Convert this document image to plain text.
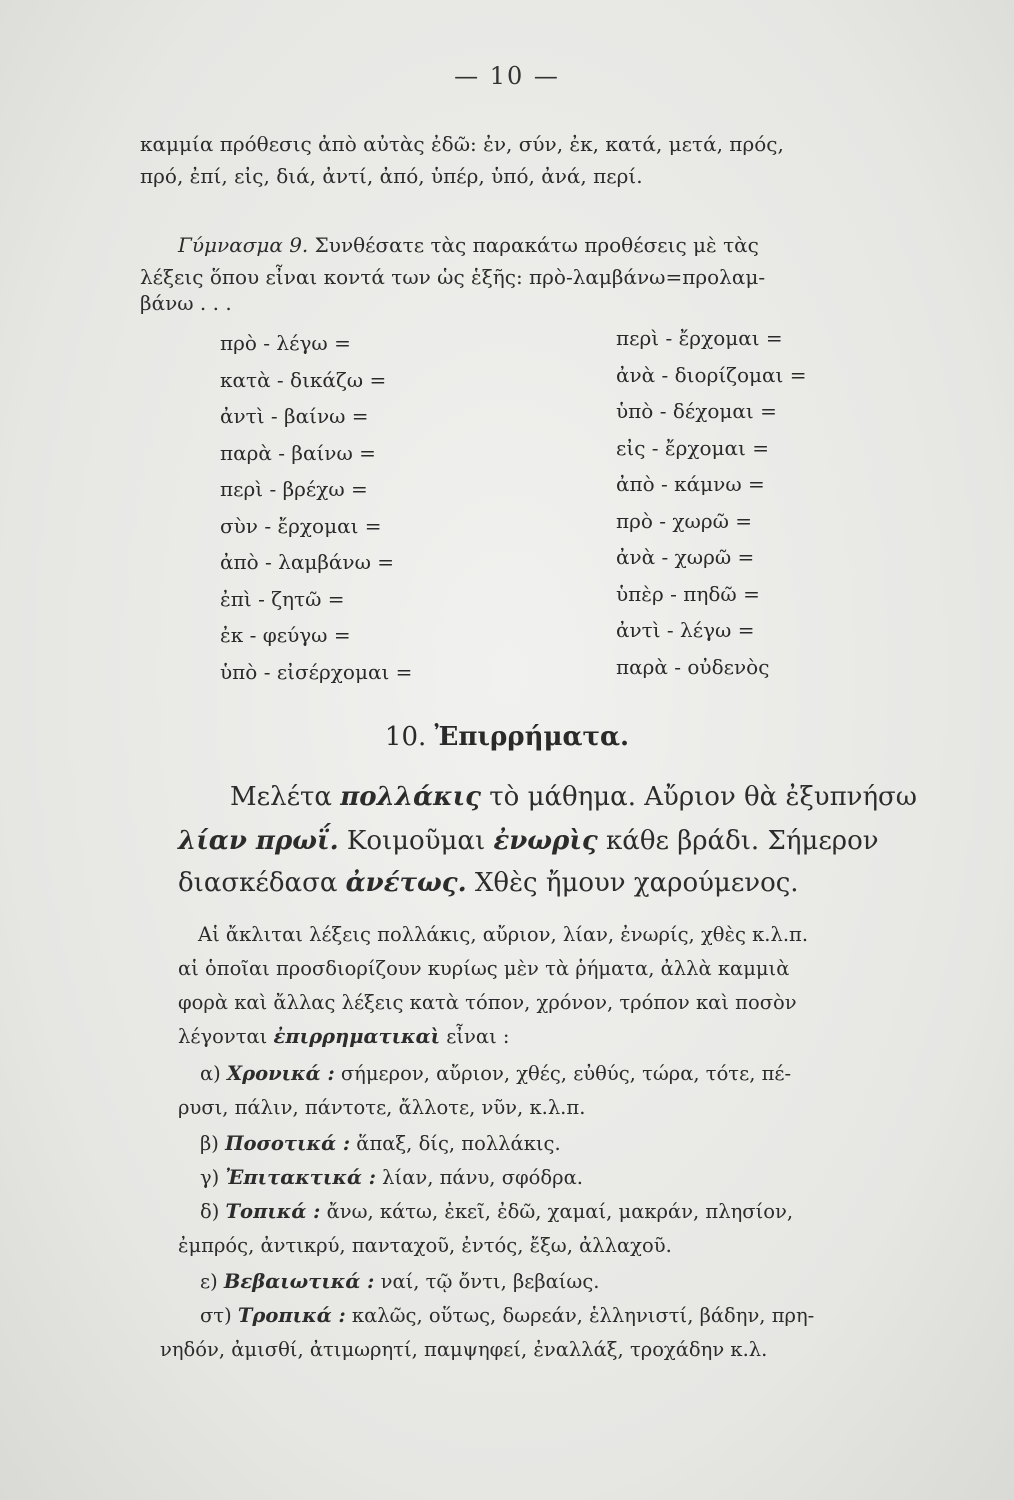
— 10 —
καμμία πρόθεσις ἀπὸ αὐτὰς ἐδῶ: ἐν, σύν, ἐκ, κατά, μετά, πρός,
πρό, ἐπί, εἰς, διά, ἀντί, ἀπό, ὑπέρ, ὑπό, ἀνά, περί.
Γύμνασμα 9. Συνθέσατε τὰς παρακάτω προθέσεις μὲ τὰς
λέξεις ὅπου εἶναι κοντά των ὡς ἑξῆς: πρὸ-λαμβάνω=προλαμ-
βάνω . . .
πρὸ - λέγω =
κατὰ - δικάζω =
ἀντὶ - βαίνω =
παρὰ - βαίνω =
περὶ - βρέχω =
σὺν - ἔρχομαι =
ἀπὸ - λαμβάνω =
ἐπὶ - ζητῶ =
ἐκ - φεύγω =
ὑπὸ - εἰσέρχομαι =
περὶ - ἔρχομαι =
ἀνὰ - διορίζομαι =
ὑπὸ - δέχομαι =
εἰς - ἔρχομαι =
ἀπὸ - κάμνω =
πρὸ - χωρῶ =
ἀνὰ - χωρῶ =
ὑπὲρ - πηδῶ =
ἀντὶ - λέγω =
παρὰ - οὐδενὸς
10. Ἐπιρρήματα.
Μελέτα πολλάκις τὸ μάθημα. Αὔριον θὰ ἐξυπνήσω
λίαν πρωΐ. Κοιμοῦμαι ἐνωρὶς κάθε βράδι. Σήμερον
διασκέδασα ἀνέτως. Χθὲς ἤμουν χαρούμενος.
Αἱ ἄκλιται λέξεις πολλάκις, αὔριον, λίαν, ἐνωρίς, χθὲς κ.λ.π.
αἱ ὁποῖαι προσδιορίζουν κυρίως μὲν τὰ ῥήματα, ἀλλὰ καμμιὰ
φορὰ καὶ ἄλλας λέξεις κατὰ τόπον, χρόνον, τρόπον καὶ ποσὸν
λέγονται ἐπιρρηματικαὶ εἶναι :
α) Χρονικά : σήμερον, αὔριον, χθές, εὐθύς, τώρα, τότε, πέ-
ρυσι, πάλιν, πάντοτε, ἄλλοτε, νῦν, κ.λ.π.
β) Ποσοτικά : ἅπαξ, δίς, πολλάκις.
γ) Ἐπιτακτικά : λίαν, πάνυ, σφόδρα.
δ) Τοπικά : ἄνω, κάτω, ἐκεῖ, ἐδῶ, χαμαί, μακράν, πλησίον,
ἐμπρός, ἀντικρύ, πανταχοῦ, ἐντός, ἔξω, ἀλλαχοῦ.
ε) Βεβαιωτικά : ναί, τῷ ὄντι, βεβαίως.
στ) Τροπικά : καλῶς, οὕτως, δωρεάν, ἑλληνιστί, βάδην, πρη-
νηδόν, ἀμισθί, ἀτιμωρητί, παμψηφεί, ἐναλλάξ, τροχάδην κ.λ.
